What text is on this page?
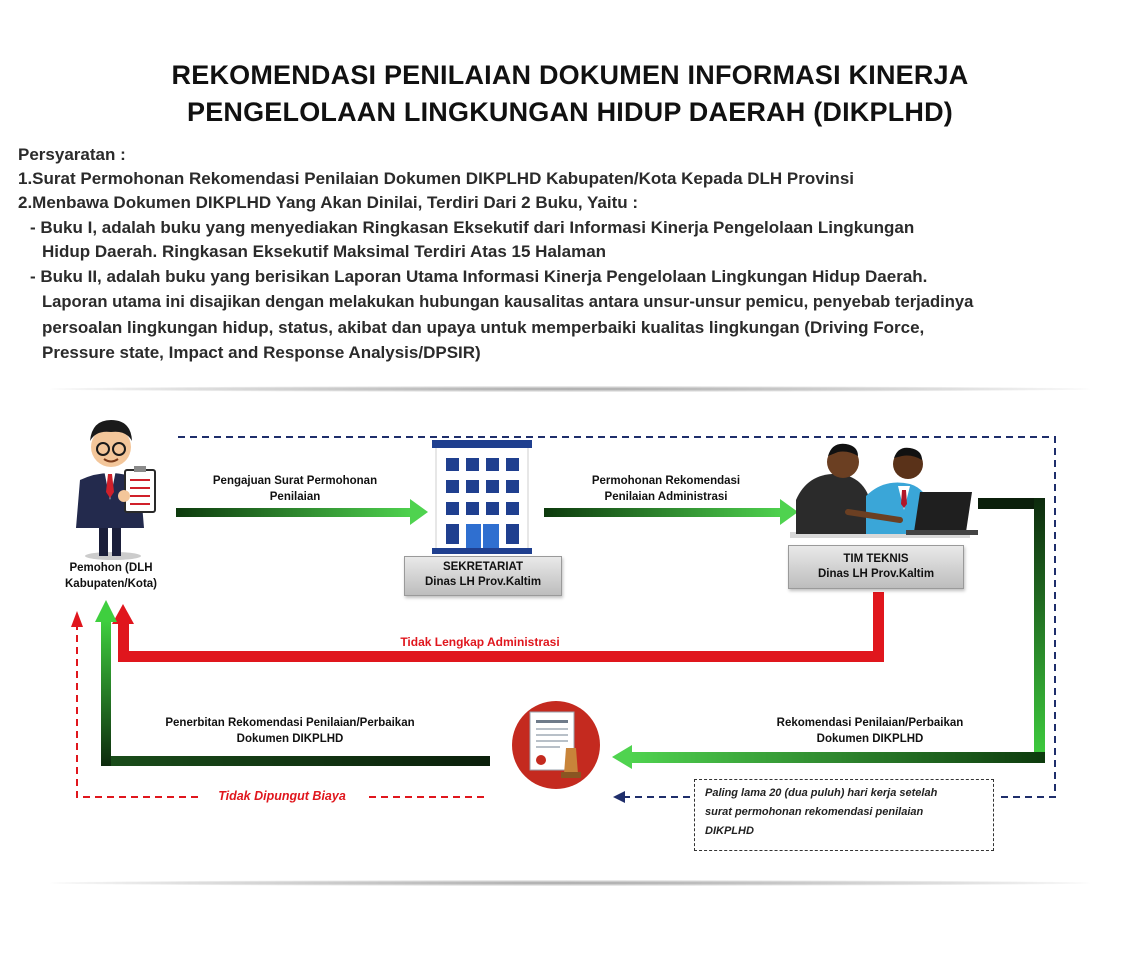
REKOMENDASI PENILAIAN DOKUMEN INFORMASI KINERJA
PENGELOLAAN LINGKUNGAN HIDUP DAERAH (DIKPLHD)
Persyaratan :
1.Surat Permohonan Rekomendasi Penilaian Dokumen DIKPLHD Kabupaten/Kota Kepada DLH Provinsi
2.Menbawa Dokumen DIKPLHD Yang Akan Dinilai, Terdiri Dari 2 Buku, Yaitu :
- Buku I, adalah buku yang menyediakan Ringkasan Eksekutif dari Informasi Kinerja Pengelolaan Lingkungan
Hidup Daerah. Ringkasan Eksekutif Maksimal Terdiri Atas 15 Halaman
- Buku II, adalah buku yang berisikan Laporan Utama Informasi Kinerja Pengelolaan Lingkungan Hidup Daerah.
Laporan utama ini disajikan dengan melakukan hubungan kausalitas antara unsur-unsur pemicu, penyebab terjadinya
persoalan lingkungan hidup, status, akibat dan upaya untuk memperbaiki kualitas lingkungan (Driving Force,
Pressure state, Impact and Response Analysis/DPSIR)
Pemohon (DLH
Kabupaten/Kota)
Pengajuan Surat Permohonan
Penilaian
SEKRETARIAT
Dinas LH Prov.Kaltim
Permohonan Rekomendasi
Penilaian Administrasi
TIM TEKNIS
Dinas LH Prov.Kaltim
Tidak Lengkap Administrasi
Penerbitan Rekomendasi Penilaian/Perbaikan
Dokumen DIKPLHD
Rekomendasi Penilaian/Perbaikan
Dokumen DIKPLHD
Tidak Dipungut Biaya	Paling lama 20 (dua puluh) hari kerja setelah
surat permohonan rekomendasi penilaian
DIKPLHD
